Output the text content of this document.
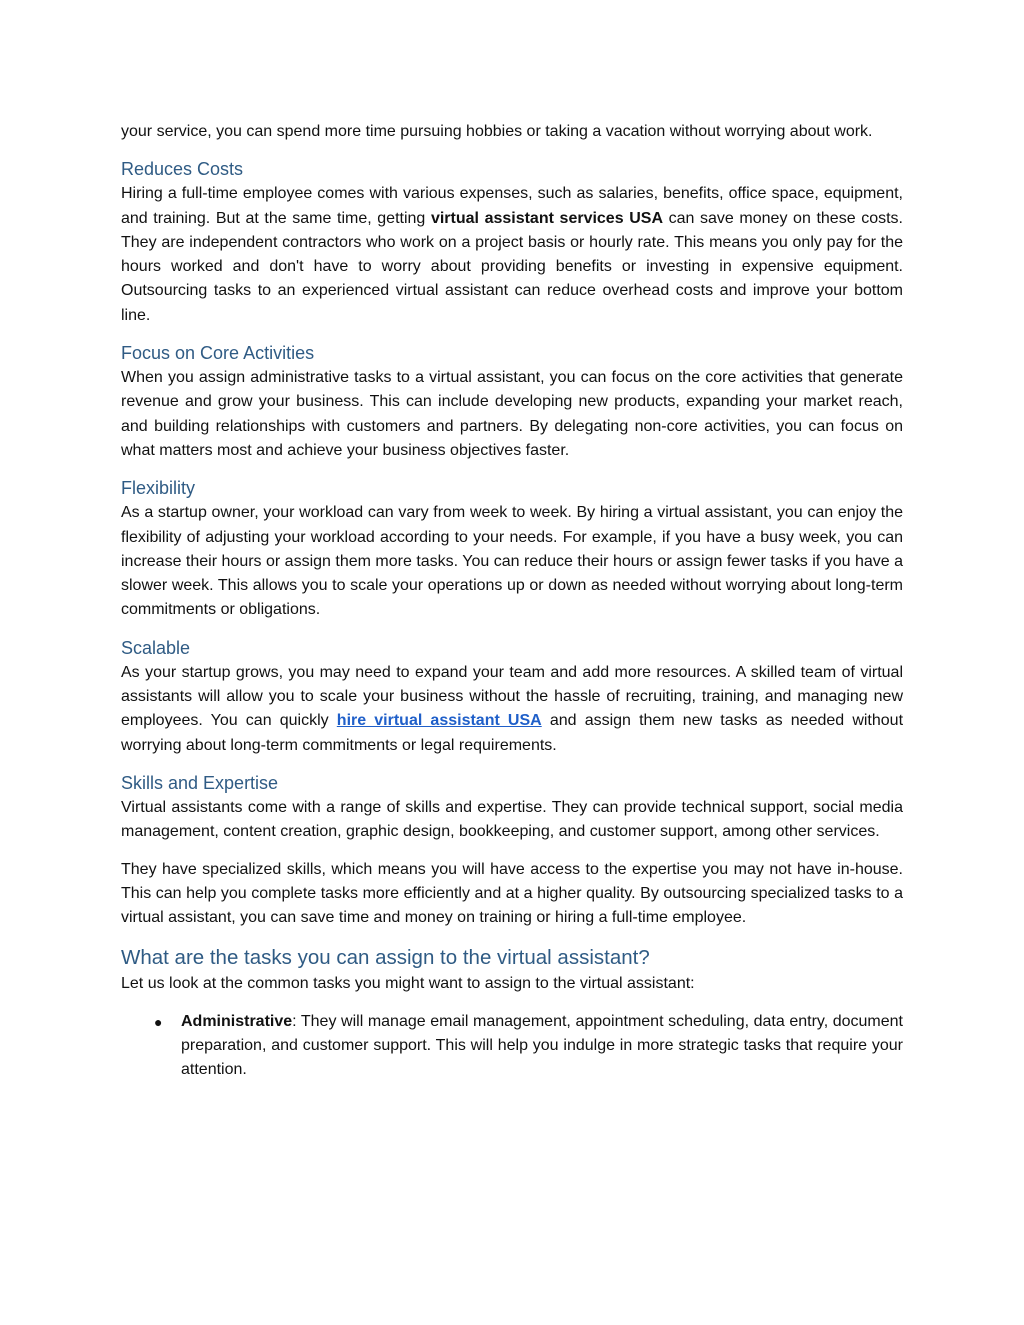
your service, you can spend more time pursuing hobbies or taking a vacation without worrying about work.

Reduces Costs

Hiring a full-time employee comes with various expenses, such as salaries, benefits, office space, equipment, and training. But at the same time, getting virtual assistant services USA can save money on these costs. They are independent contractors who work on a project basis or hourly rate. This means you only pay for the hours worked and don't have to worry about providing benefits or investing in expensive equipment. Outsourcing tasks to an experienced virtual assistant can reduce overhead costs and improve your bottom line.

Focus on Core Activities

When you assign administrative tasks to a virtual assistant, you can focus on the core activities that generate revenue and grow your business. This can include developing new products, expanding your market reach, and building relationships with customers and partners. By delegating non-core activities, you can focus on what matters most and achieve your business objectives faster.

Flexibility

As a startup owner, your workload can vary from week to week. By hiring a virtual assistant, you can enjoy the flexibility of adjusting your workload according to your needs. For example, if you have a busy week, you can increase their hours or assign them more tasks. You can reduce their hours or assign fewer tasks if you have a slower week. This allows you to scale your operations up or down as needed without worrying about long-term commitments or obligations.

Scalable

As your startup grows, you may need to expand your team and add more resources. A skilled team of virtual assistants will allow you to scale your business without the hassle of recruiting, training, and managing new employees. You can quickly hire virtual assistant USA and assign them new tasks as needed without worrying about long-term commitments or legal requirements.

Skills and Expertise

Virtual assistants come with a range of skills and expertise. They can provide technical support, social media management, content creation, graphic design, bookkeeping, and customer support, among other services.

They have specialized skills, which means you will have access to the expertise you may not have in-house. This can help you complete tasks more efficiently and at a higher quality. By outsourcing specialized tasks to a virtual assistant, you can save time and money on training or hiring a full-time employee.

What are the tasks you can assign to the virtual assistant?

Let us look at the common tasks you might want to assign to the virtual assistant:

● Administrative: They will manage email management, appointment scheduling, data entry, document preparation, and customer support. This will help you indulge in more strategic tasks that require your attention.
